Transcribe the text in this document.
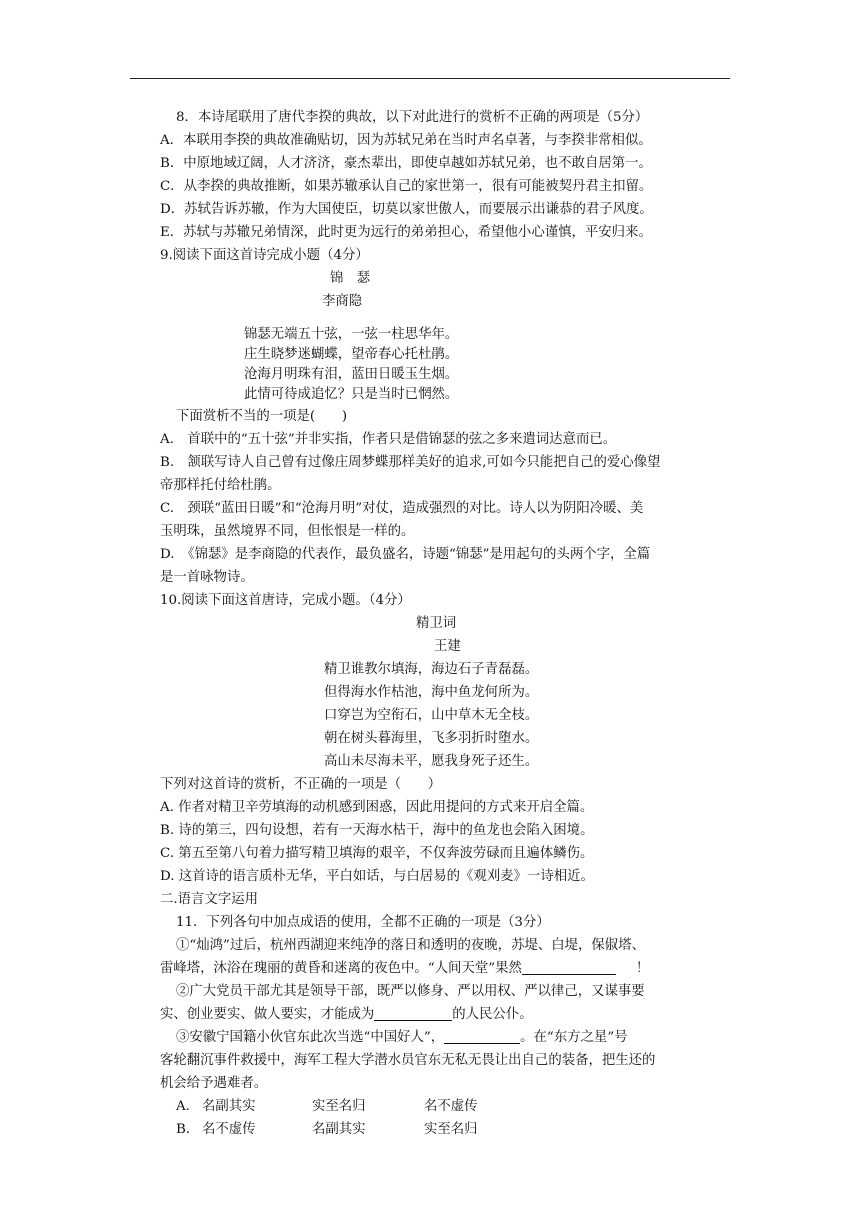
8．本诗尾联用了唐代李揆的典故，以下对此进行的赏析不正确的两项是（5分）
A．本联用李揆的典故准确贴切，因为苏轼兄弟在当时声名卓著，与李揆非常相似。
B．中原地域辽阔，人才济济，豪杰辈出，即使卓越如苏轼兄弟，也不敢自居第一。
C．从李揆的典故推断，如果苏辙承认自己的家世第一，很有可能被契丹君主扣留。
D．苏轼告诉苏辙，作为大国使臣，切莫以家世傲人，而要展示出谦恭的君子风度。
E．苏轼与苏辙兄弟情深，此时更为远行的弟弟担心，希望他小心谨慎，平安归来。
9.阅读下面这首诗完成小题（4分）
锦　瑟
李商隐
锦瑟无端五十弦，一弦一柱思华年。
庄生晓梦迷蝴蝶，望帝春心托杜鹃。
沧海月明珠有泪，蓝田日暖玉生烟。
此情可待成追忆？只是当时已惘然。
下面赏析不当的一项是(　　)
A.　首联中的“五十弦”并非实指，作者只是借锦瑟的弦之多来遣词达意而已。
B.　颔联写诗人自己曾有过像庄周梦蝶那样美好的追求,可如今只能把自己的爱心像望
帝那样托付给杜鹃。
C.　颈联“蓝田日暖”和“沧海月明”对仗，造成强烈的对比。诗人以为阴阳冷暖、美
玉明珠，虽然境界不同，但怅恨是一样的。
D.　《锦瑟》是李商隐的代表作，最负盛名，诗题“锦瑟”是用起句的头两个字，全篇
是一首咏物诗。
10.阅读下面这首唐诗，完成小题。（4分）
精卫词
王建
精卫谁教尔填海，海边石子青磊磊。
但得海水作枯池，海中鱼龙何所为。
口穿岂为空衔石，山中草木无全枝。
朝在树头暮海里，飞多羽折时堕水。
高山未尽海未平，愿我身死子还生。
下列对这首诗的赏析，不正确的一项是（　　）
A. 作者对精卫辛劳填海的动机感到困惑，因此用提问的方式来开启全篇。
B. 诗的第三，四句设想，若有一天海水枯干，海中的鱼龙也会陷入困境。
C. 第五至第八句着力描写精卫填海的艰辛，不仅奔波劳碌而且遍体鳞伤。
D. 这首诗的语言质朴无华，平白如话，与白居易的《观刈麦》一诗相近。
二.语言文字运用
11．下列各句中加点成语的使用，全都不正确的一项是（3分）
①“灿鸿”过后，杭州西湖迎来纯净的落日和透明的夜晚，苏堤、白堤，保俶塔、
雷峰塔，沐浴在瑰丽的黄昏和迷离的夜色中。“人间天堂”果然	！
②广大党员干部尤其是领导干部，既严以修身、严以用权、严以律己，又谋事要
实、创业要实、做人要实，才能成为	的人民公仆。
③安徽宁国籍小伙官东此次当选“中国好人”，	。在“东方之星”号
客轮翻沉事件救援中，海军工程大学潜水员官东无私无畏让出自己的装备，把生还的
机会给予遇难者。
A． 名副其实	实至名归	名不虚传
B． 名不虚传	名副其实	实至名归
